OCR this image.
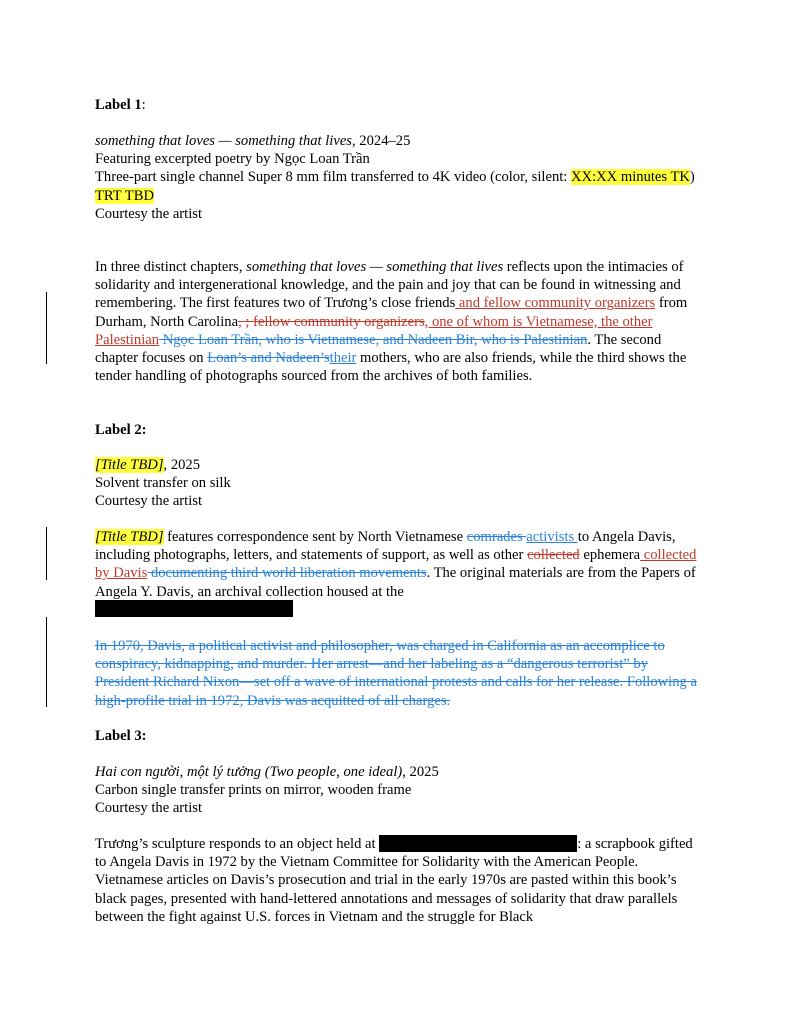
Label 1:

something that loves — something that lives, 2024–25

Featuring excerpted poetry by Ngọc Loan Trần

Three-part single channel Super 8 mm film transferred to 4K video (color, silent: XX:XX minutes TK)

TRT TBD

Courtesy the artist

In three distinct chapters, something that loves — something that lives reflects upon the intimacies of solidarity and intergenerational knowledge, and the pain and joy that can be found in witnessing and remembering. The first features two of Trương’s close friends and fellow community organizers from Durham, North Carolina, ; fellow community organizers, one of whom is Vietnamese, the other Palestinian Ngọc Loan Trần, who is Vietnamese, and Nadeen Bir, who is Palestinian. The second chapter focuses on Loan’s and Nadeen’stheir mothers, who are also friends, while the third shows the tender handling of photographs sourced from the archives of both families.

Label 2:

[Title TBD], 2025

Solvent transfer on silk

Courtesy the artist

[Title TBD] features correspondence sent by North Vietnamese comrades activists to Angela Davis, including photographs, letters, and statements of support, as well as other collected ephemera collected by Davis documenting third world liberation movements. The original materials are from the Papers of Angela Y. Davis, an archival collection housed at the

In 1970, Davis, a political activist and philosopher, was charged in California as an accomplice to conspiracy, kidnapping, and murder. Her arrest—and her labeling as a “dangerous terrorist” by President Richard Nixon—set off a wave of international protests and calls for her release. Following a high-profile trial in 1972, Davis was acquitted of all charges.

Label 3:

Hai con người, một lý tưởng (Two people, one ideal), 2025

Carbon single transfer prints on mirror, wooden frame

Courtesy the artist

Trương’s sculpture responds to an object held at	: a scrapbook gifted to Angela Davis in 1972 by the Vietnam Committee for Solidarity with the American People. Vietnamese articles on Davis’s prosecution and trial in the early 1970s are pasted within this book’s black pages, presented with hand-lettered annotations and messages of solidarity that draw parallels between the fight against U.S. forces in Vietnam and the struggle for Black
